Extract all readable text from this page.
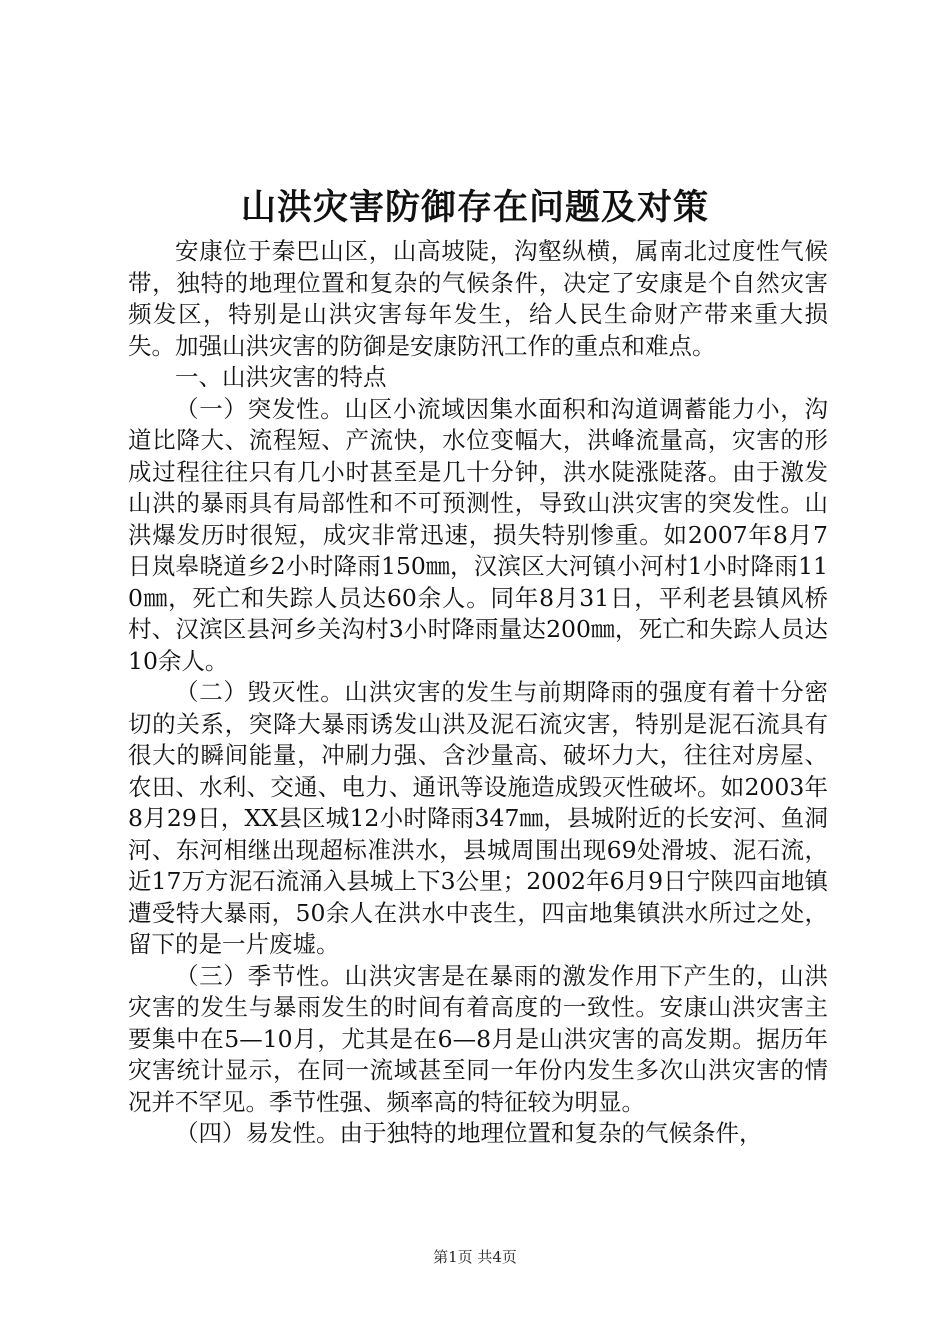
山洪灾害防御存在问题及对策

安康位于秦巴山区，山高坡陡，沟壑纵横，属南北过度性气候带，独特的地理位置和复杂的气候条件，决定了安康是个自然灾害频发区，特别是山洪灾害每年发生，给人民生命财产带来重大损失。加强山洪灾害的防御是安康防汛工作的重点和难点。

一、山洪灾害的特点

（一）突发性。山区小流域因集水面积和沟道调蓄能力小，沟道比降大、流程短、产流快，水位变幅大，洪峰流量高，灾害的形成过程往往只有几小时甚至是几十分钟，洪水陡涨陡落。由于激发山洪的暴雨具有局部性和不可预测性，导致山洪灾害的突发性。山洪爆发历时很短，成灾非常迅速，损失特别惨重。如2007年8月7日岚皋晓道乡2小时降雨150㎜，汉滨区大河镇小河村1小时降雨110㎜，死亡和失踪人员达60余人。同年8月31日，平利老县镇风桥村、汉滨区县河乡关沟村3小时降雨量达200㎜，死亡和失踪人员达10余人。

（二）毁灭性。山洪灾害的发生与前期降雨的强度有着十分密切的关系，突降大暴雨诱发山洪及泥石流灾害，特别是泥石流具有很大的瞬间能量，冲刷力强、含沙量高、破坏力大，往往对房屋、农田、水利、交通、电力、通讯等设施造成毁灭性破坏。如2003年8月29日，XX县区城12小时降雨347㎜，县城附近的长安河、鱼洞河、东河相继出现超标准洪水，县城周围出现69处滑坡、泥石流，近17万方泥石流涌入县城上下3公里；2002年6月9日宁陕四亩地镇遭受特大暴雨，50余人在洪水中丧生，四亩地集镇洪水所过之处，留下的是一片废墟。

（三）季节性。山洪灾害是在暴雨的激发作用下产生的，山洪灾害的发生与暴雨发生的时间有着高度的一致性。安康山洪灾害主要集中在5—10月，尤其是在6—8月是山洪灾害的高发期。据历年灾害统计显示，在同一流域甚至同一年份内发生多次山洪灾害的情况并不罕见。季节性强、频率高的特征较为明显。

（四）易发性。由于独特的地理位置和复杂的气候条件，

第1页 共4页
